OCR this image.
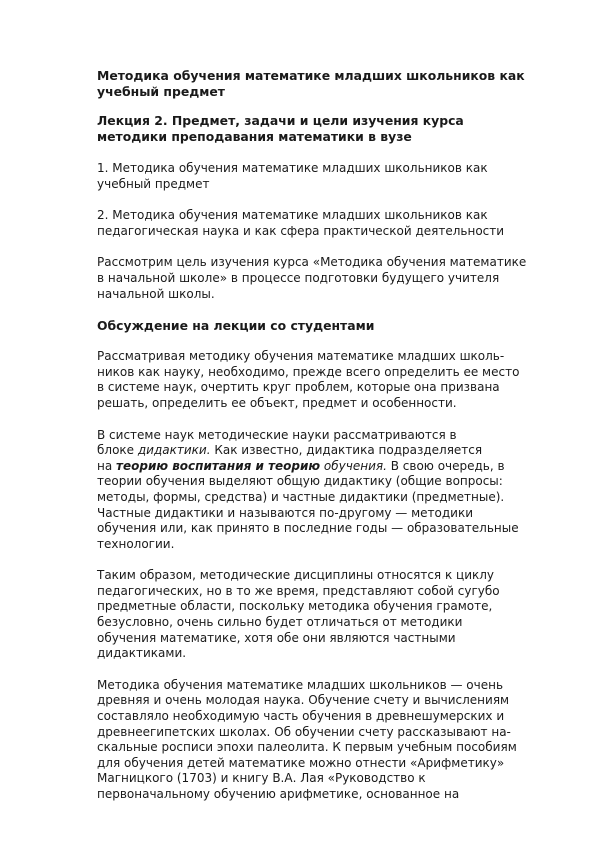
Методика обучения математике младших школьников как
учебный предмет
Лекция 2. Предмет, задачи и цели изучения курса
методики преподавания математики в вузе
1. Методика обучения математике младших школьников как
учебный предмет
2. Методика обучения математике младших школьников как
педагогическая наука и как сфера практической деятельности
Рассмотрим цель изучения курса «Методика обучения математике
в начальной школе» в процессе подготовки будущего учителя
начальной школы.
Обсуждение на лекции со студентами
Рассматривая методику обучения математике младших школь-
ников как науку, необходимо, прежде всего определить ее место
в системе наук, очертить круг проблем, которые она призвана
решать, определить ее объект, предмет и особенности.
В системе наук методические науки рассматриваются в
блоке дидактики. Как известно, дидактика подразделяется
на теорию воспитания и теорию обучения. В свою очередь, в
теории обучения выделяют общую дидактику (общие вопросы:
методы, формы, средства) и частные дидактики (предметные).
Частные дидактики и называются по-другому — методики
обучения или, как принято в последние годы — образовательные
технологии.
Таким образом, методические дисциплины относятся к циклу
педагогических, но в то же время, представляют собой сугубо
предметные области, поскольку методика обучения грамоте,
безусловно, очень сильно будет отличаться от методики
обучения математике, хотя обе они являются частными
дидактиками.
Методика обучения математике младших школьников — очень
древняя и очень молодая наука. Обучение счету и вычислениям
составляло необходимую часть обучения в древнешумерских и
древнеегипетских школах. Об обучении счету рассказывают на-
скальные росписи эпохи палеолита. К первым учебным пособиям
для обучения детей математике можно отнести «Арифметику»
Магницкого (1703) и книгу В.А. Лая «Руководство к
первоначальному обучению арифметике, основанное на
